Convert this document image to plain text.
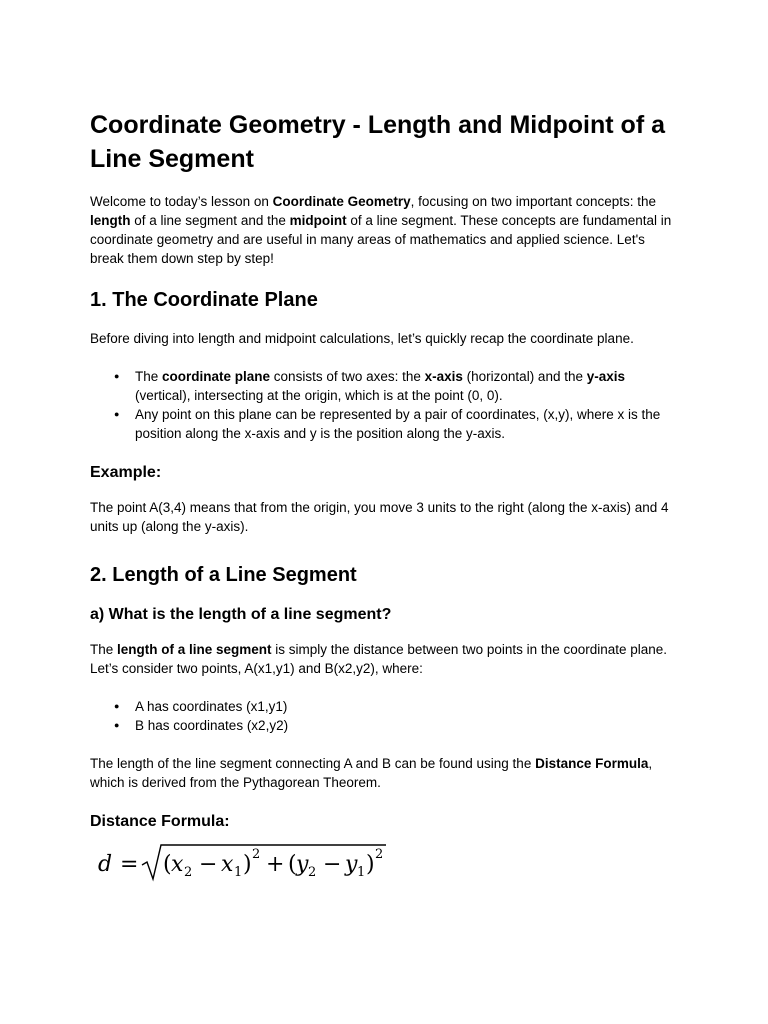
Coordinate Geometry - Length and Midpoint of a Line Segment

Welcome to today’s lesson on Coordinate Geometry, focusing on two important concepts: the length of a line segment and the midpoint of a line segment. These concepts are fundamental in coordinate geometry and are useful in many areas of mathematics and applied science. Let's break them down step by step!

1. The Coordinate Plane

Before diving into length and midpoint calculations, let’s quickly recap the coordinate plane.

● The coordinate plane consists of two axes: the x-axis (horizontal) and the y-axis (vertical), intersecting at the origin, which is at the point (0, 0).
● Any point on this plane can be represented by a pair of coordinates, (x,y), where x is the position along the x-axis and y is the position along the y-axis.
Example:

The point A(3,4) means that from the origin, you move 3 units to the right (along the x-axis) and 4 units up (along the y-axis).

2. Length of a Line Segment
a) What is the length of a line segment?

The length of a line segment is simply the distance between two points in the coordinate plane. Let’s consider two points, A(x1,y1) and B(x2,y2), where:

● A has coordinates (x1,y1)
● B has coordinates (x2,y2)

The length of the line segment connecting A and B can be found using the Distance Formula, which is derived from the Pythagorean Theorem.

Distance Formula:
d = ( x 2 − x 1 ) 2 + ( y 2 − y 1 ) 2
